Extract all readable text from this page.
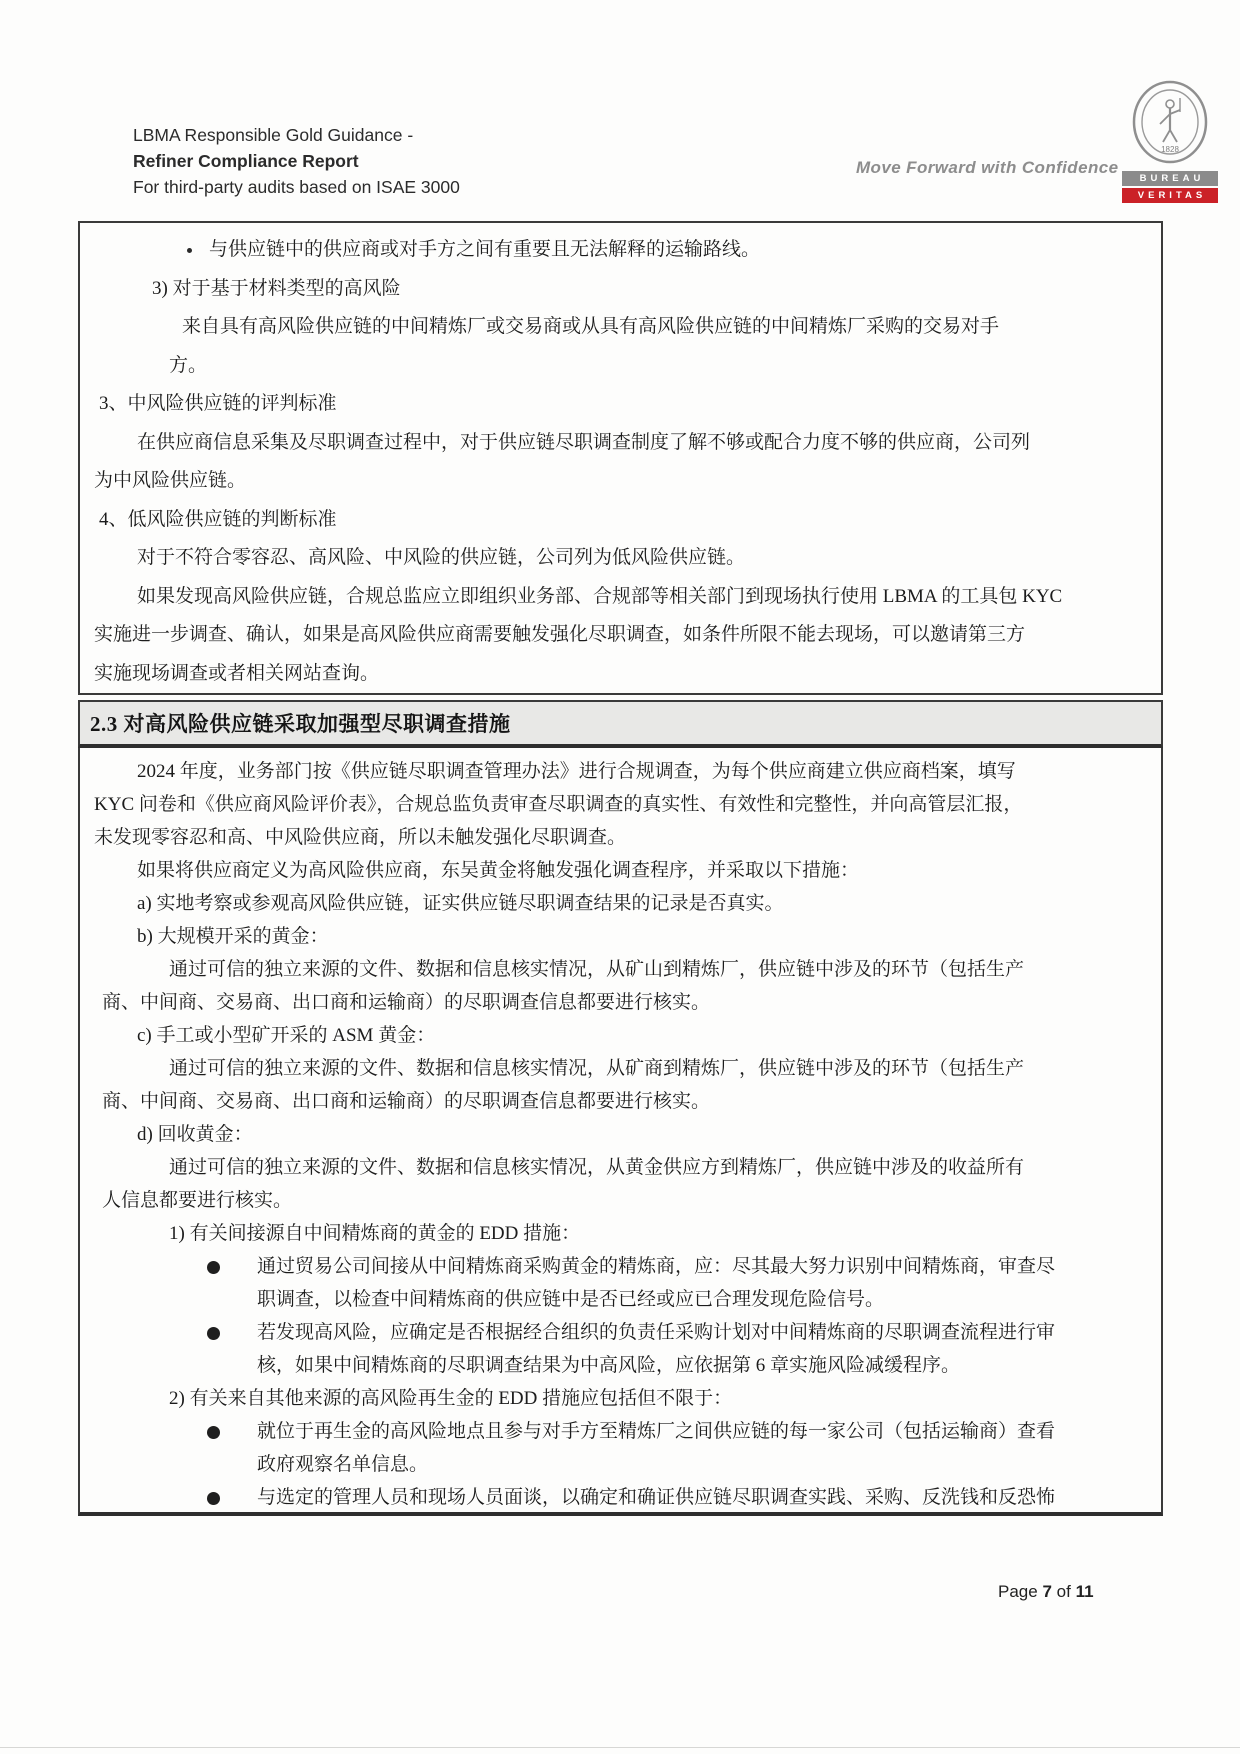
LBMA Responsible Gold Guidance -
Refiner Compliance Report
For third-party audits based on ISAE 3000
Move Forward with Confidence
1828
BUREAU
VERITAS
与供应链中的供应商或对手方之间有重要且无法解释的运输路线。
3) 对于基于材料类型的高风险
来自具有高风险供应链的中间精炼厂或交易商或从具有高风险供应链的中间精炼厂采购的交易对手
方。
3、中风险供应链的评判标准
在供应商信息采集及尽职调查过程中，对于供应链尽职调查制度了解不够或配合力度不够的供应商，公司列
为中风险供应链。
4、低风险供应链的判断标准
对于不符合零容忍、高风险、中风险的供应链，公司列为低风险供应链。
如果发现高风险供应链，合规总监应立即组织业务部、合规部等相关部门到现场执行使用 LBMA 的工具包 KYC
实施进一步调查、确认，如果是高风险供应商需要触发强化尽职调查，如条件所限不能去现场，可以邀请第三方
实施现场调查或者相关网站查询。
2.3 对高风险供应链采取加强型尽职调查措施
2024 年度，业务部门按《供应链尽职调查管理办法》进行合规调查，为每个供应商建立供应商档案，填写
KYC 问卷和《供应商风险评价表》，合规总监负责审查尽职调查的真实性、有效性和完整性，并向高管层汇报，
未发现零容忍和高、中风险供应商，所以未触发强化尽职调查。
如果将供应商定义为高风险供应商，东吴黄金将触发强化调查程序，并采取以下措施：
a) 实地考察或参观高风险供应链，证实供应链尽职调查结果的记录是否真实。
b) 大规模开采的黄金：
通过可信的独立来源的文件、数据和信息核实情况，从矿山到精炼厂，供应链中涉及的环节（包括生产
商、中间商、交易商、出口商和运输商）的尽职调查信息都要进行核实。
c) 手工或小型矿开采的 ASM 黄金：
通过可信的独立来源的文件、数据和信息核实情况，从矿商到精炼厂，供应链中涉及的环节（包括生产
商、中间商、交易商、出口商和运输商）的尽职调查信息都要进行核实。
d) 回收黄金：
通过可信的独立来源的文件、数据和信息核实情况，从黄金供应方到精炼厂，供应链中涉及的收益所有
人信息都要进行核实。
1) 有关间接源自中间精炼商的黄金的 EDD 措施：
通过贸易公司间接从中间精炼商采购黄金的精炼商，应：尽其最大努力识别中间精炼商，审查尽
职调查，以检查中间精炼商的供应链中是否已经或应已合理发现危险信号。
若发现高风险，应确定是否根据经合组织的负责任采购计划对中间精炼商的尽职调查流程进行审
核，如果中间精炼商的尽职调查结果为中高风险，应依据第 6 章实施风险减缓程序。
2) 有关来自其他来源的高风险再生金的 EDD 措施应包括但不限于：
就位于再生金的高风险地点且参与对手方至精炼厂之间供应链的每一家公司（包括运输商）查看
政府观察名单信息。
与选定的管理人员和现场人员面谈，以确定和确证供应链尽职调查实践、采购、反洗钱和反恐怖
Page 7 of 11
